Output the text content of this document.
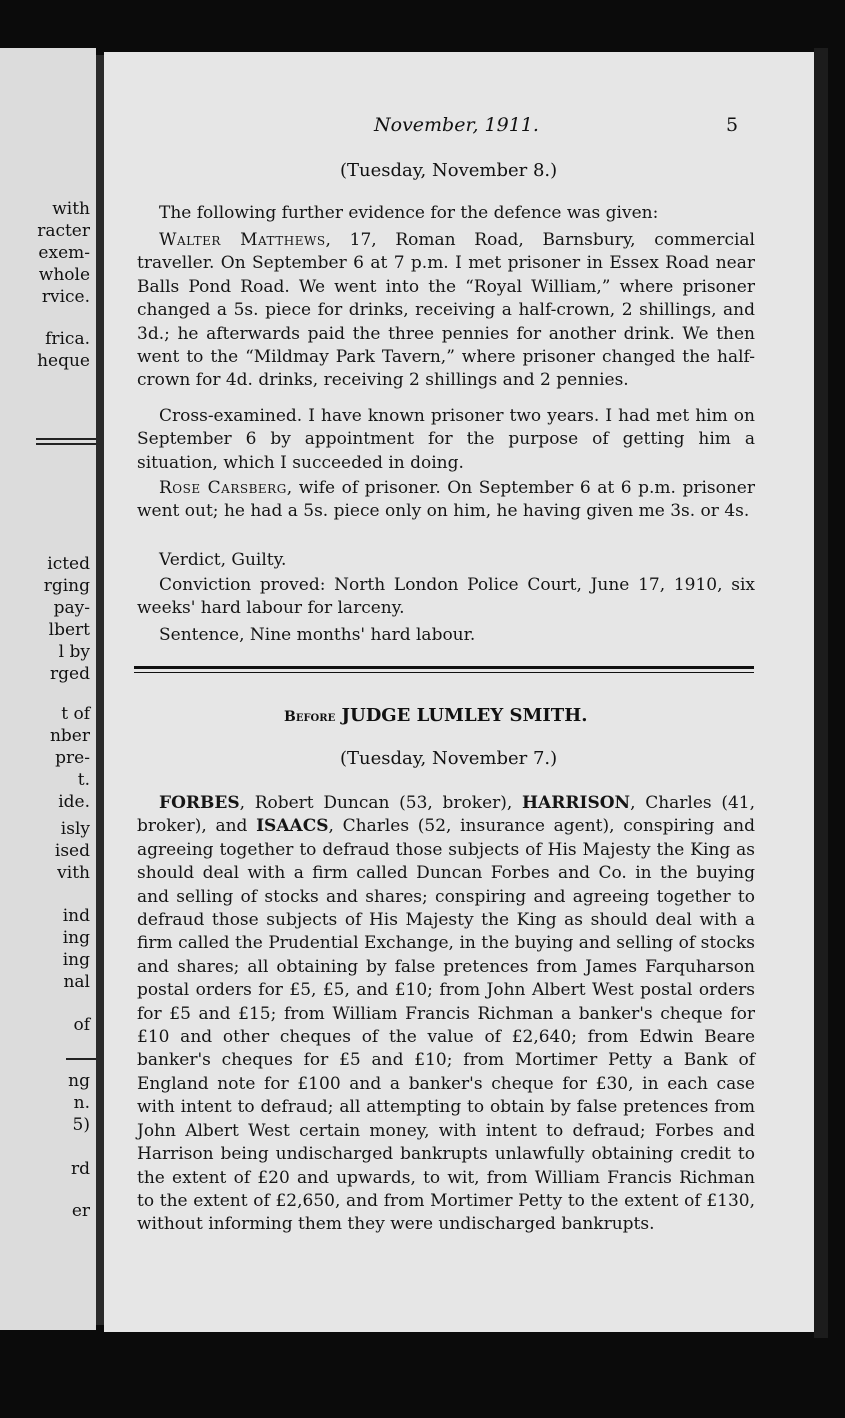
with
racter
exem-
whole
rvice.
frica.
heque
icted
rging
pay-
lbert
l by
rged
t of
nber
pre-
t.
ide.
isly
ised
vith
ind
ing
ing
nal
of
ng
n.
5)
rd
er
November, 1911.	5
(Tuesday, November 8.)
The following further evidence for the defence was given:
Walter Matthews, 17, Roman Road, Barnsbury, commercial traveller. On September 6 at 7 p.m. I met prisoner in Essex Road near Balls Pond Road. We went into the “Royal William,” where prisoner changed a 5s. piece for drinks, receiving a half-crown, 2 shillings, and 3d.; he afterwards paid the three pennies for another drink. We then went to the “Mildmay Park Tavern,” where prisoner changed the half-crown for 4d. drinks, receiving 2 shillings and 2 pennies.
Cross-examined. I have known prisoner two years. I had met him on September 6 by appointment for the purpose of getting him a situation, which I succeeded in doing.
Rose Carsberg, wife of prisoner. On September 6 at 6 p.m. prisoner went out; he had a 5s. piece only on him, he having given me 3s. or 4s.
Verdict, Guilty.
Conviction proved: North London Police Court, June 17, 1910, six weeks' hard labour for larceny.
Sentence, Nine months' hard labour.
Before JUDGE LUMLEY SMITH.
(Tuesday, November 7.)
FORBES, Robert Duncan (53, broker), HARRISON, Charles (41, broker), and ISAACS, Charles (52, insurance agent), conspiring and agreeing together to defraud those subjects of His Majesty the King as should deal with a firm called Duncan Forbes and Co. in the buying and selling of stocks and shares; conspiring and agreeing together to defraud those subjects of His Majesty the King as should deal with a firm called the Prudential Exchange, in the buying and selling of stocks and shares; all obtaining by false pretences from James Farquharson postal orders for £5, £5, and £10; from John Albert West postal orders for £5 and £15; from William Francis Richman a banker's cheque for £10 and other cheques of the value of £2,640; from Edwin Beare banker's cheques for £5 and £10; from Mortimer Petty a Bank of England note for £100 and a banker's cheque for £30, in each case with intent to defraud; all attempting to obtain by false pretences from John Albert West certain money, with intent to defraud; Forbes and Harrison being undischarged bankrupts unlawfully obtaining credit to the extent of £20 and upwards, to wit, from William Francis Richman to the extent of £2,650, and from Mortimer Petty to the extent of £130, without informing them they were undischarged bankrupts.
